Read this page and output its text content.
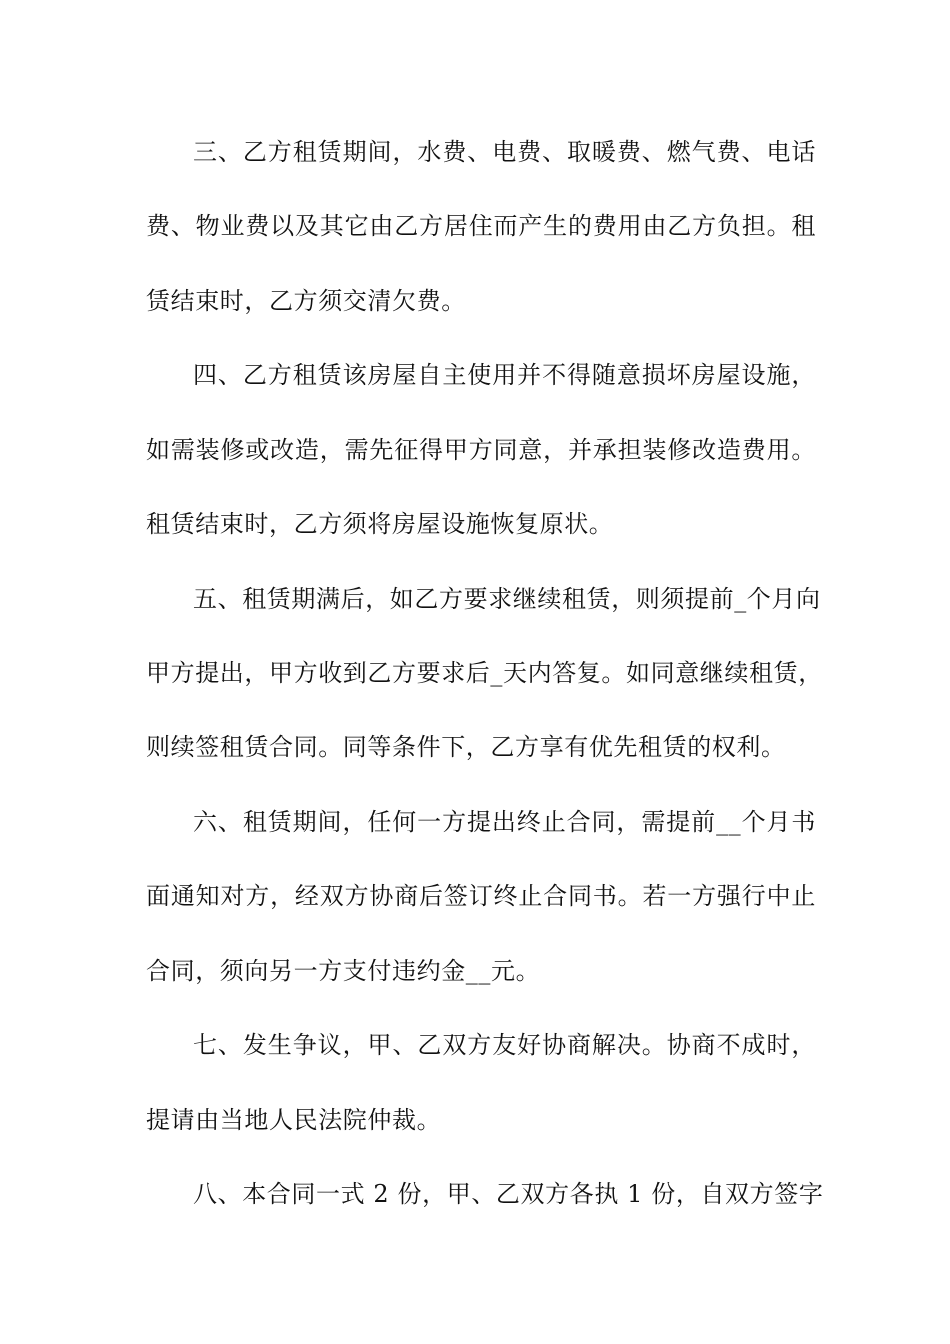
三、乙方租赁期间，水费、电费、取暖费、燃气费、电话
费、物业费以及其它由乙方居住而产生的费用由乙方负担。租
赁结束时，乙方须交清欠费。
四、乙方租赁该房屋自主使用并不得随意损坏房屋设施，
如需装修或改造，需先征得甲方同意，并承担装修改造费用。
租赁结束时，乙方须将房屋设施恢复原状。
五、租赁期满后，如乙方要求继续租赁，则须提前_个月向
甲方提出，甲方收到乙方要求后_天内答复。如同意继续租赁，
则续签租赁合同。同等条件下，乙方享有优先租赁的权利。
六、租赁期间，任何一方提出终止合同，需提前__个月书
面通知对方，经双方协商后签订终止合同书。若一方强行中止
合同，须向另一方支付违约金__元。
七、发生争议，甲、乙双方友好协商解决。协商不成时，
提请由当地人民法院仲裁。
八、本合同一式 2 份，甲、乙双方各执 1 份，自双方签字
